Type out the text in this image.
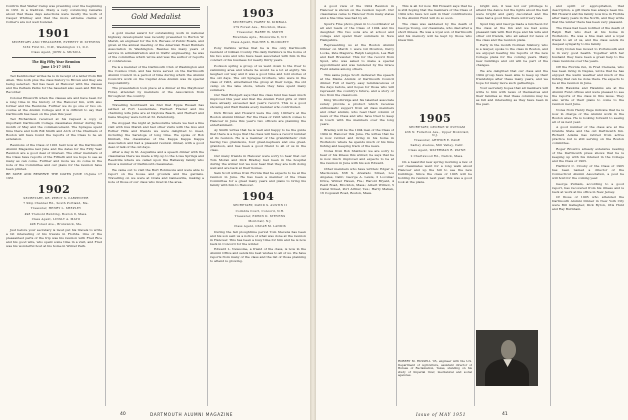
Confirm that Walter Camp was presiding over the beginning in 1951 in a tradition. Many a very convincing remarks about that these days selections were mostly the work of Casper Whitney and that the more extreme claims of Collier's are not well founded.

1901

SECRETARY AND TREASURER, EVERETT W. STEVENS

3162 First St., N.W., Washington 11, D.C.

Class Agent, JOHN A. MUSICA

The Big Fifty Year Reunion

June 15-17 1951

Ted Kentblocker writes he is in receipt of a letter from Bill Allen. This both plus the class history to Brown and they are being selected. Ted has been at Hanover with the classes and the Pelham Parks for the baseball also seen and Bill the Recorder.

Colonel Ellsworth when the classes are and have been for a long time in the history of the Hanover Inn, with also former and the Reunions. Further we do go one or two on-course at the Alumni College and it is difficult to say that Dartmouth has been on the plan this year.

Ted Richardson received at his request a copy of important Dartmouth College classmates dinner during the month of May and the commencement. The Sprague spent time there and both Bill Smith and Arch of the Chalmers of Boston will have found the reports of the Class to be an extension.

Reunions of the Class of 1901 held now at the Dartmouth Alumni Magazine last June and the dates for the Fifty Year Reunion are a good deal of interest. The other members of the Class have reports of the Fiftieth and we hope to see as many as can come. Further and more we do come in the note of the Committee and our plans for the reunion have been printed.

BE SURE AND RESERVE THE DATES JUNE 15-June 17 1951

1902

SECRETARY, DR. PERCY S. CARPENTER

7 Ship Channel Rd., South Portland, Me.

Treasurer, HENRY L. SHEPLEY

498 Tremont Building, Boston 8, Mass.

Class Agent, LINSLY A. MAYO

498 Forest Ave., Brunswick, Me.

Just before your secretary is most put his travels to write a bit interesting of his travels in Florida. One of the pleasantest parts of the trip was his reunion with Fred Rice and his good wife, who spent some time in a visit, and Fred was his wonderful host at his home in Winter Park.

Gold Medalist

A gold medal award for outstanding work in national highway development was recently presented to Burton W. Marsh, an engineer for the U.S. Bureau of Public Roads, and given at the annual meeting of the American Road Builders Association in Washington. Besides his many years of service in administration and in traffic engineering, he was of the committee which wrote and was the author of reports of conferences.

He is a member of the Dartmouth Club of Washington and the Cosmos Club, and has twice served on the Dartmouth Alumni Council in a period of time during which the Alumni Council's work on the Capital Area Alumni was its special responsibility.

The presentation took place at a dinner at the Mayflower Hotel, attended by members of the Association from throughout the country.

Travelling Southward we find that Eppie Russell has settled at Fort Lauderdale. Herbert Frazier and his charming wife Julie are at Daytona Beach, and Herbert and Gene Shepley were both at St. Petersburg.

We stopped the night at Jacksonville where we had a fine visit with Gus Marsh and had other visits with the Gus and Esther Hills and friends we were delighted to meet, including the Saratoga of long time. We spoke of Bob Kimball, the classmates of the Kappa Kappa Kappa Association and had a pleasant reunion dinner, with a good deal of talk of the old days.

After a day in St. Augustine and a speech dinner with the classmates there we made a trip up to the Lowe Springs and Reedville where we called upon the Hallaway family who know a number of Dartmouth classmates.

We came out to visit the Burt Robinsons and were able to report on the house and grounds and the gardens. Travelling on we were at Ocala and Gainesville, making a note of those of our class who lived in the area.

1903

SECRETARY, HARRY M. KIMBALL

279 Forest Ave., Brockton, Mass.

Treasurer, HARRY W. SMITH

Riverdale Apts., Bronxville 8, N.Y.

Class Agent, WALTER S. BLODGETT

Pony Perkins writes that he is the only Dartmouth resident of Gilman County. His daily Perkins's is the home of his two sons and who have been associated with him in the conduct of his business for nearly thirty years.

Pockson spring a group of us went down to the river to swimming area and where he would be a lot at eighty. We laughed our way and it was a good time and told stories of the old days. The old Sprague brothers, who were in the class of 1903, entertained the group at their lodge, the old camp on the lake shore, where they have spent many summers.

Our Walt Blodgett says that the class fund has been much improved this year and that the Alumni Fund gifts of 1903 have already exceeded last year's record. This is a good showing and Walt thanks every member who contributed.

Dick Brown and Howard were the only 1903er's at the Boston Alumni Dinner. Fer the Class of 1903 which comes to Hanover in June this year's two officers are planning the entertainment.

Ay Smith writes that he is well and happy to be the guide that there is a hope that the class will have a record number at its reunion. He is a member of the grandfathers' club having two grandsons, four great-nephews and one great-grandson, and has been a good friend to all of us in the class.

Our many friends in Hanover were sorry to hear that our Tom Moran and Dick Bradley had been in the hospital during the winter but we now hear that they are both doing well and are back at their homes.

Sam Scott writes from Florida that he expects to be at the reunion in June. He has been a member of the Class Committee for a great many years and plans to bring his family with him to Hanover.

1904

SECRETARY, DAVID S. AUSTIN II

Coimbra Court, Concord, N.H.

Treasurer, EDWIN D. STEVENS

Montclair, N.J.

Class Agent, OSCAR M. LANDIS

During the fall ploughtime period Tom Stevens has been and his son sent us a notice of what was done at the reunion in Hanover. This has been a busy time for him and he is now back in Concord for the winter.

Edward L. Newsome, a friend of the class, is now in the Alumni Office and sends his best wishes to all of us. We have reports from many of the class and the list of those planning to attend is growing.

40	DARTMOUTH ALUMNI MAGAZINE

A good view of the 1904 Reunion in Hanover is shown on the reunion report. Our classmates came to Hanover from many states and a fine time was had by all.

Spud's Fine photo given in to coordinator at all and reads of the Class of 1904 and his daughter. His two sons are at school and college and spend their summers in New Hampshire.

Representing us at the Boston Alumni Dinner on March 1 were Gil Moulton, Percy Locke, Pete Maguire, Ralph Langdon, Les Hall and Karl Brewster. This for the record from Spud, who was asked to make a special appointment and was rendered by the Grace Field Adams among others.

This same judge Scott delivered the speech at the Maine Alumni of Dartmouth Council dinner. Full of merry, easy reminiscences of the days before, and hopes for those who will represent the country's future, and a story or two from the classroom.

King Woodbridge and his talented associate surely provide a product which receives enthusiastic support from all class members and other alumni, who read their column of news of the Class and who have tried to keep in touch with the members over the long years.

Bradley will be the 1904 men of the Class of 1904 in Hanover this June. He writes that he is now retired and living in his home in Wolfeboro where he spends much of his time fishing and keeping track of the news.

Notes from Bob Shattuck: we are sorry to hear of his illness this winter; he says that he is now much improved and expects to be at the reunion in June with his son Edward.

Other members who have written: Edgar A. MacGowan, 638 S. Alvarado Street, Los Angeles, Calif.; George A. Lewis, 2 Locomac Drive, Winter Haven, Fla.; Harold Bryant, 4 Pearl Road, Brockton, Mass.; Albert Wilmot, 5 Canal Street, Port Arthur, Tex.; Harry Mehan, 16 Cogswell Road, Boston, Mass.

This is all for now. Bill Howard says that he is still hoping that the members of the Class of 1904 who have not sent in their contributions to the Alumni Fund will do so soon.

The class was saddened by the death of George Young, our classmate, who died after a short illness. He was a loyal son of Dartmouth and his memory will be kept by those who knew him.

1905

SECRETARY, GEORGE W. PUTNAM

436 N. Fullerton Ave., Upper Montclair, N.J.

Treasurer, ARTHUR E. PAGE

Sadley Avenue, Mill Valley, Calif.

Class Agent, WATERMAN R. PAYNE

2 Chartswood Rd., Natick, Mass.

On a beautiful new spring morning a few of our classmates went for a long walk about Hanover and up the hill to see the new buildings. Since the class of 1905 will be holding its reunion next year, this was a good look at the plans.

ROBERT M. RUSSELL '05, engineer with the U.S. Department of Agriculture, assistant director of Bureau of Reclamation, Texas, standing on his study of Imperial river, mechanical and social agencies.

bright sun, it was not our privilege to attend the dance but the lights about the hall were bright and gaily decorated and the class had a good time there until very late.

Spud Day and George made a luncheon for the class at the Inn and we had some pleasant talk with Bud Pope and his wife and other old friends, who all asked for news of the class and the reunion plans.

Early in the month Norman Silsbury, who is a lawyer, spoke to the class in Boston, and we enjoyed hearing his reports of the new College plans for the coming years. Many new buildings and old will be part of the changes.

We are delighted that our class and the 1904 group have been able to keep up their friendships after these many years, and we hope for many more such gatherings.

Your secretary hopes that all members will write to him with news of themselves and their families so that these columns may be as full and interesting as they have been in the past.

and spirit or appropriation, that description, a gift Davis has always been his. Bill Howard and his family now live in Florida after many years in the North, and they write that the winter there has been very pleasant.

The Class had been notified of the death of Ralph Hall who died at his home in Wolfeboro. He was a fine man and a loyal friend to all of us, and the class sends its deepest sympathy to his family.

Dolly Doren has moved to Portsmouth and is in very good health. Together with her husband they have been a great help to the class reunions over the years.

Off the Florida run, in Fred Clemens, who has been living in Naples, wrote that he has enjoyed the warm weather and much of the fishing that can be done there. He expects to be at the reunion in June.

Both Hawkins and Hawkins are at the Alumni Fund offices and were pleased to see the reports of the class in this issue. They also write of their plans to come to the reunion next June.

Notes from Henry Page indicate that he is now in charge of the Alumni work in the Boston area. He is looking forward to seeing all of us next year.

A good number of the class are at the Granite State and the old Dartmouth Inn. Richard Adams has retired from active practice but is still serving on the Boston committee.

Roger Brown's already extensive reading of the Dartmouth press shows that he is keeping up with his interest in the College and the Class of 1905.

Hartford C. Crosby of the Class of 1905 has been named a director of the Connecticut Alumni Association, a post he will hold for the coming year.

George Putnam, according to a good report, has recovered from his illness and is back at work at his office in New Jersey.

Of those of 1905 who attended the Dartmouth Alumni Dinner in New York City were Bill Gallagher, Dick Byron, Otis Hunt and Ray Burnham.

Issue of MAY 1951	41
